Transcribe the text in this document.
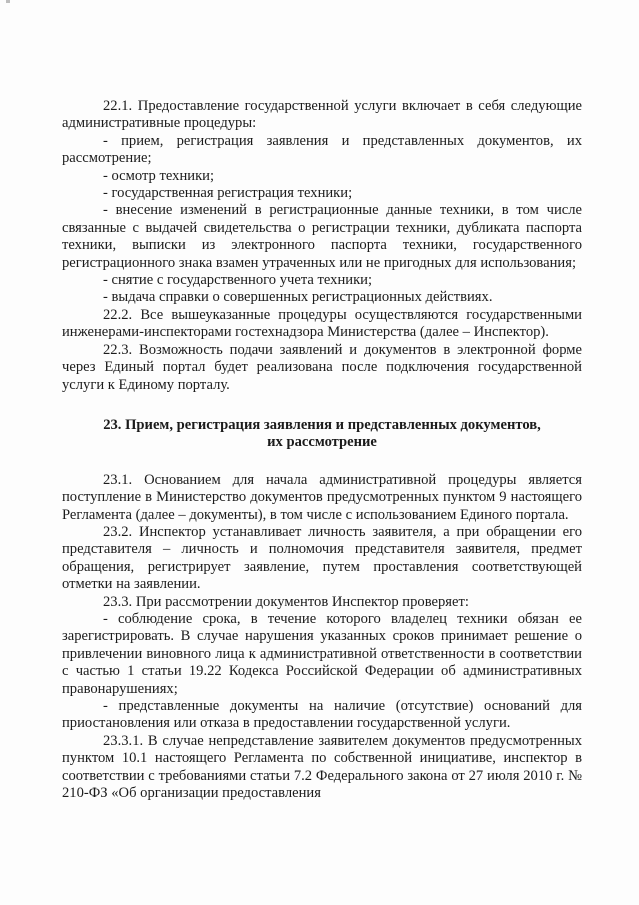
22.1. Предоставление государственной услуги включает в себя следующие административные процедуры:

- прием, регистрация заявления и представленных документов, их рассмотрение;

- осмотр техники;

- государственная регистрация техники;

- внесение изменений в регистрационные данные техники, в том числе связанные с выдачей свидетельства о регистрации техники, дубликата паспорта техники, выписки из электронного паспорта техники, государственного регистрационного знака взамен утраченных или не пригодных для использования;

- снятие с государственного учета техники;

- выдача справки о совершенных регистрационных действиях.

22.2. Все вышеуказанные процедуры осуществляются государственными инженерами-инспекторами гостехнадзора Министерства (далее – Инспектор).

22.3. Возможность подачи заявлений и документов в электронной форме через Единый портал будет реализована после подключения государственной услуги к Единому порталу.

23. Прием, регистрация заявления и представленных документов,
их рассмотрение

23.1. Основанием для начала административной процедуры является поступление в Министерство документов предусмотренных пунктом 9 настоящего Регламента (далее – документы), в том числе с использованием Единого портала.

23.2. Инспектор устанавливает личность заявителя, а при обращении его представителя – личность и полномочия представителя заявителя, предмет обращения, регистрирует заявление, путем проставления соответствующей отметки на заявлении.

23.3. При рассмотрении документов Инспектор проверяет:

- соблюдение срока, в течение которого владелец техники обязан ее зарегистрировать. В случае нарушения указанных сроков принимает решение о привлечении виновного лица к административной ответственности в соответствии с частью 1 статьи 19.22 Кодекса Российской Федерации об административных правонарушениях;

- представленные документы на наличие (отсутствие) оснований для приостановления или отказа в предоставлении государственной услуги.

23.3.1. В случае непредставление заявителем документов предусмотренных пунктом 10.1 настоящего Регламента по собственной инициативе, инспектор в соответствии с требованиями статьи 7.2 Федерального закона от 27 июля 2010 г. № 210-ФЗ «Об организации предоставления
